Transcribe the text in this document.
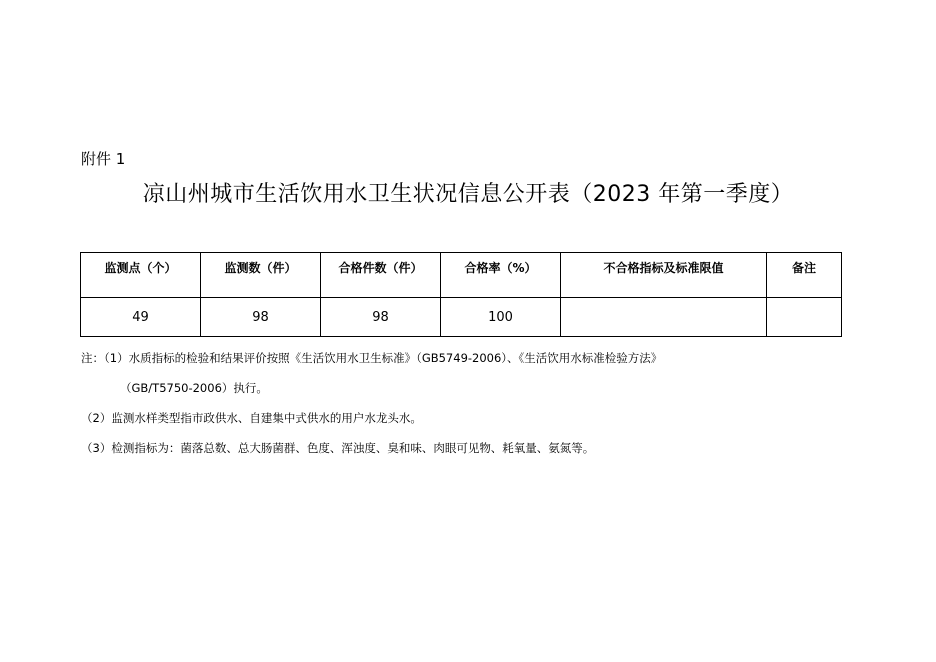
附件 1
凉山州城市生活饮用水卫生状况信息公开表（2023 年第一季度）
监测点（个）	监测数（件）	合格件数（件）	合格率（%）	不合格指标及标准限值	备注
49	98	98	100		
注：（1）水质指标的检验和结果评价按照《生活饮用水卫生标准》（GB5749-2006）、《生活饮用水标准检验方法》
（GB/T5750-2006）执行。
（2）监测水样类型指市政供水、自建集中式供水的用户水龙头水。
（3）检测指标为：菌落总数、总大肠菌群、色度、浑浊度、臭和味、肉眼可见物、耗氧量、氨氮等。
